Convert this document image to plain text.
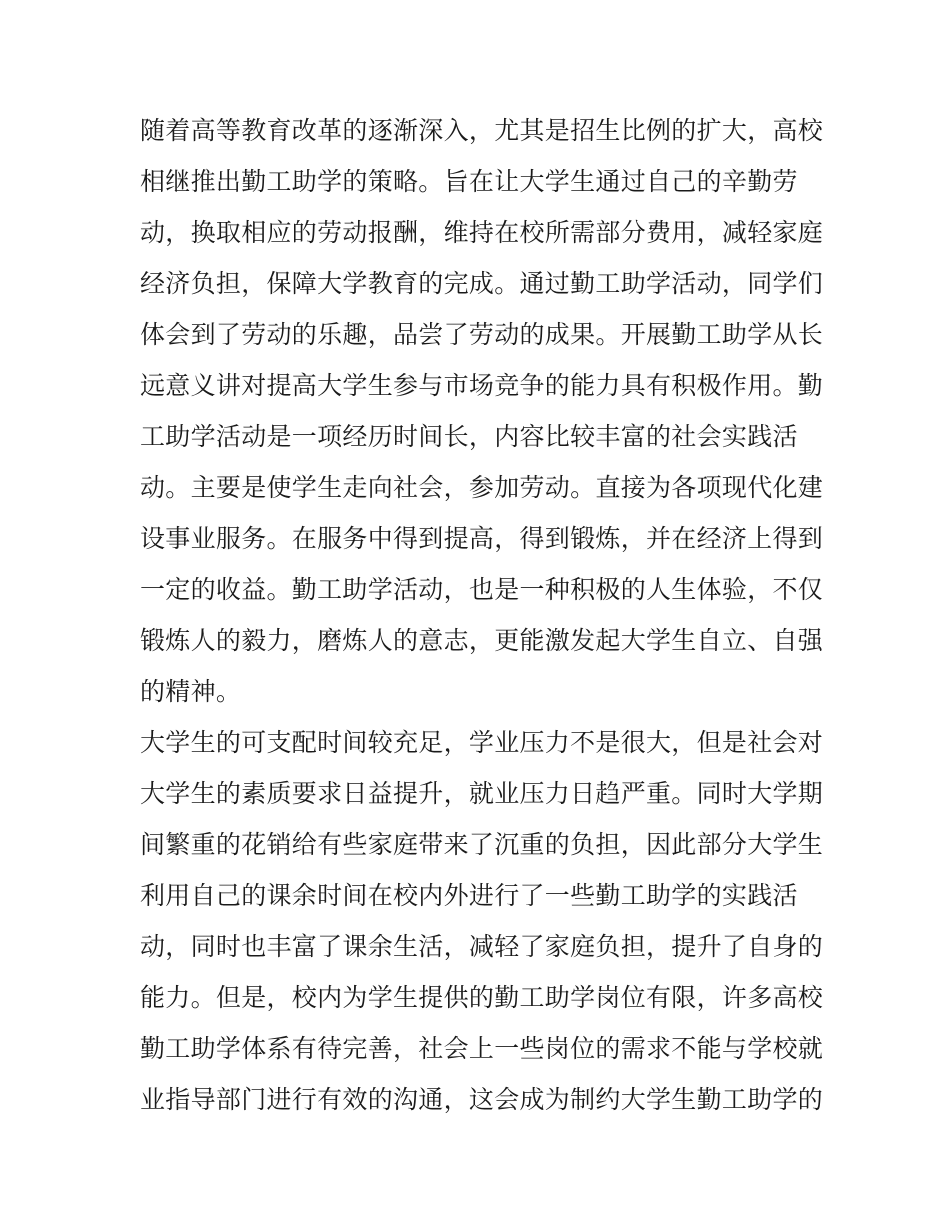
随着高等教育改革的逐渐深入，尤其是招生比例的扩大，高校
相继推出勤工助学的策略。旨在让大学生通过自己的辛勤劳
动，换取相应的劳动报酬，维持在校所需部分费用，减轻家庭
经济负担，保障大学教育的完成。通过勤工助学活动，同学们
体会到了劳动的乐趣，品尝了劳动的成果。开展勤工助学从长
远意义讲对提高大学生参与市场竞争的能力具有积极作用。勤
工助学活动是一项经历时间长，内容比较丰富的社会实践活
动。主要是使学生走向社会，参加劳动。直接为各项现代化建
设事业服务。在服务中得到提高，得到锻炼，并在经济上得到
一定的收益。勤工助学活动，也是一种积极的人生体验，不仅
锻炼人的毅力，磨炼人的意志，更能激发起大学生自立、自强
的精神。
大学生的可支配时间较充足，学业压力不是很大，但是社会对
大学生的素质要求日益提升，就业压力日趋严重。同时大学期
间繁重的花销给有些家庭带来了沉重的负担，因此部分大学生
利用自己的课余时间在校内外进行了一些勤工助学的实践活
动，同时也丰富了课余生活，减轻了家庭负担，提升了自身的
能力。但是，校内为学生提供的勤工助学岗位有限，许多高校
勤工助学体系有待完善，社会上一些岗位的需求不能与学校就
业指导部门进行有效的沟通，这会成为制约大学生勤工助学的
